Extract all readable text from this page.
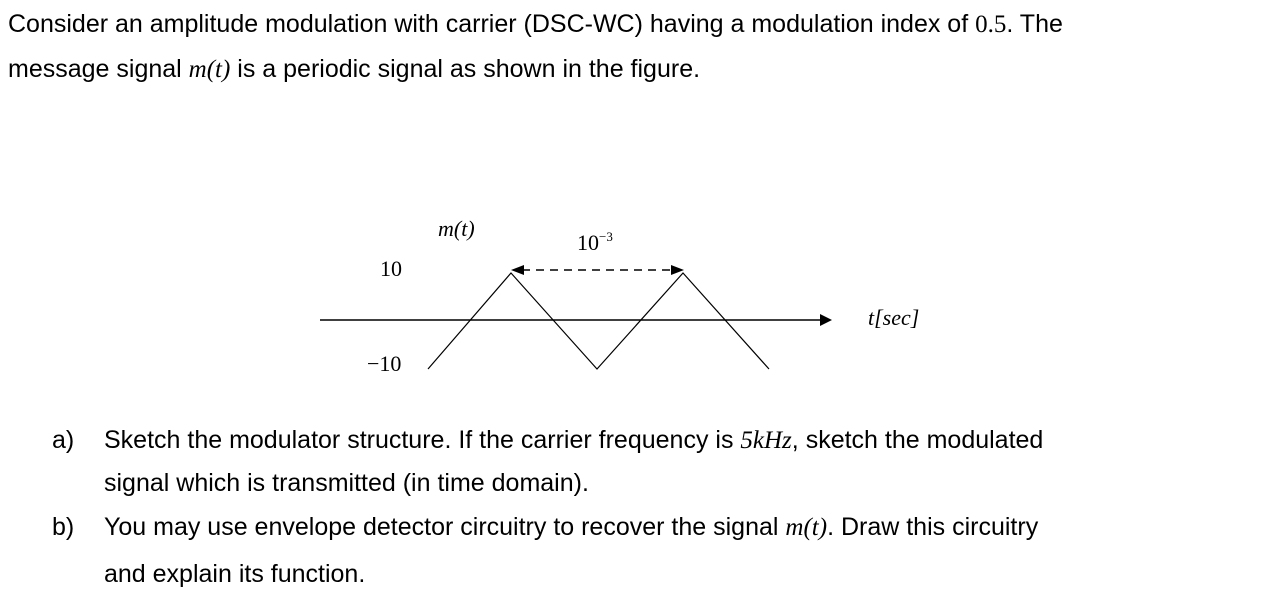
Consider an amplitude modulation with carrier (DSC-WC) having a modulation index of 0.5. The
message signal m(t) is a periodic signal as shown in the figure.
m(t)
$10^{-3}$
10
−10
t[sec]
a) Sketch the modulator structure. If the carrier frequency is 5kHz, sketch the modulated
signal which is transmitted (in time domain).
b) You may use envelope detector circuitry to recover the signal m(t). Draw this circuitry
and explain its function.
